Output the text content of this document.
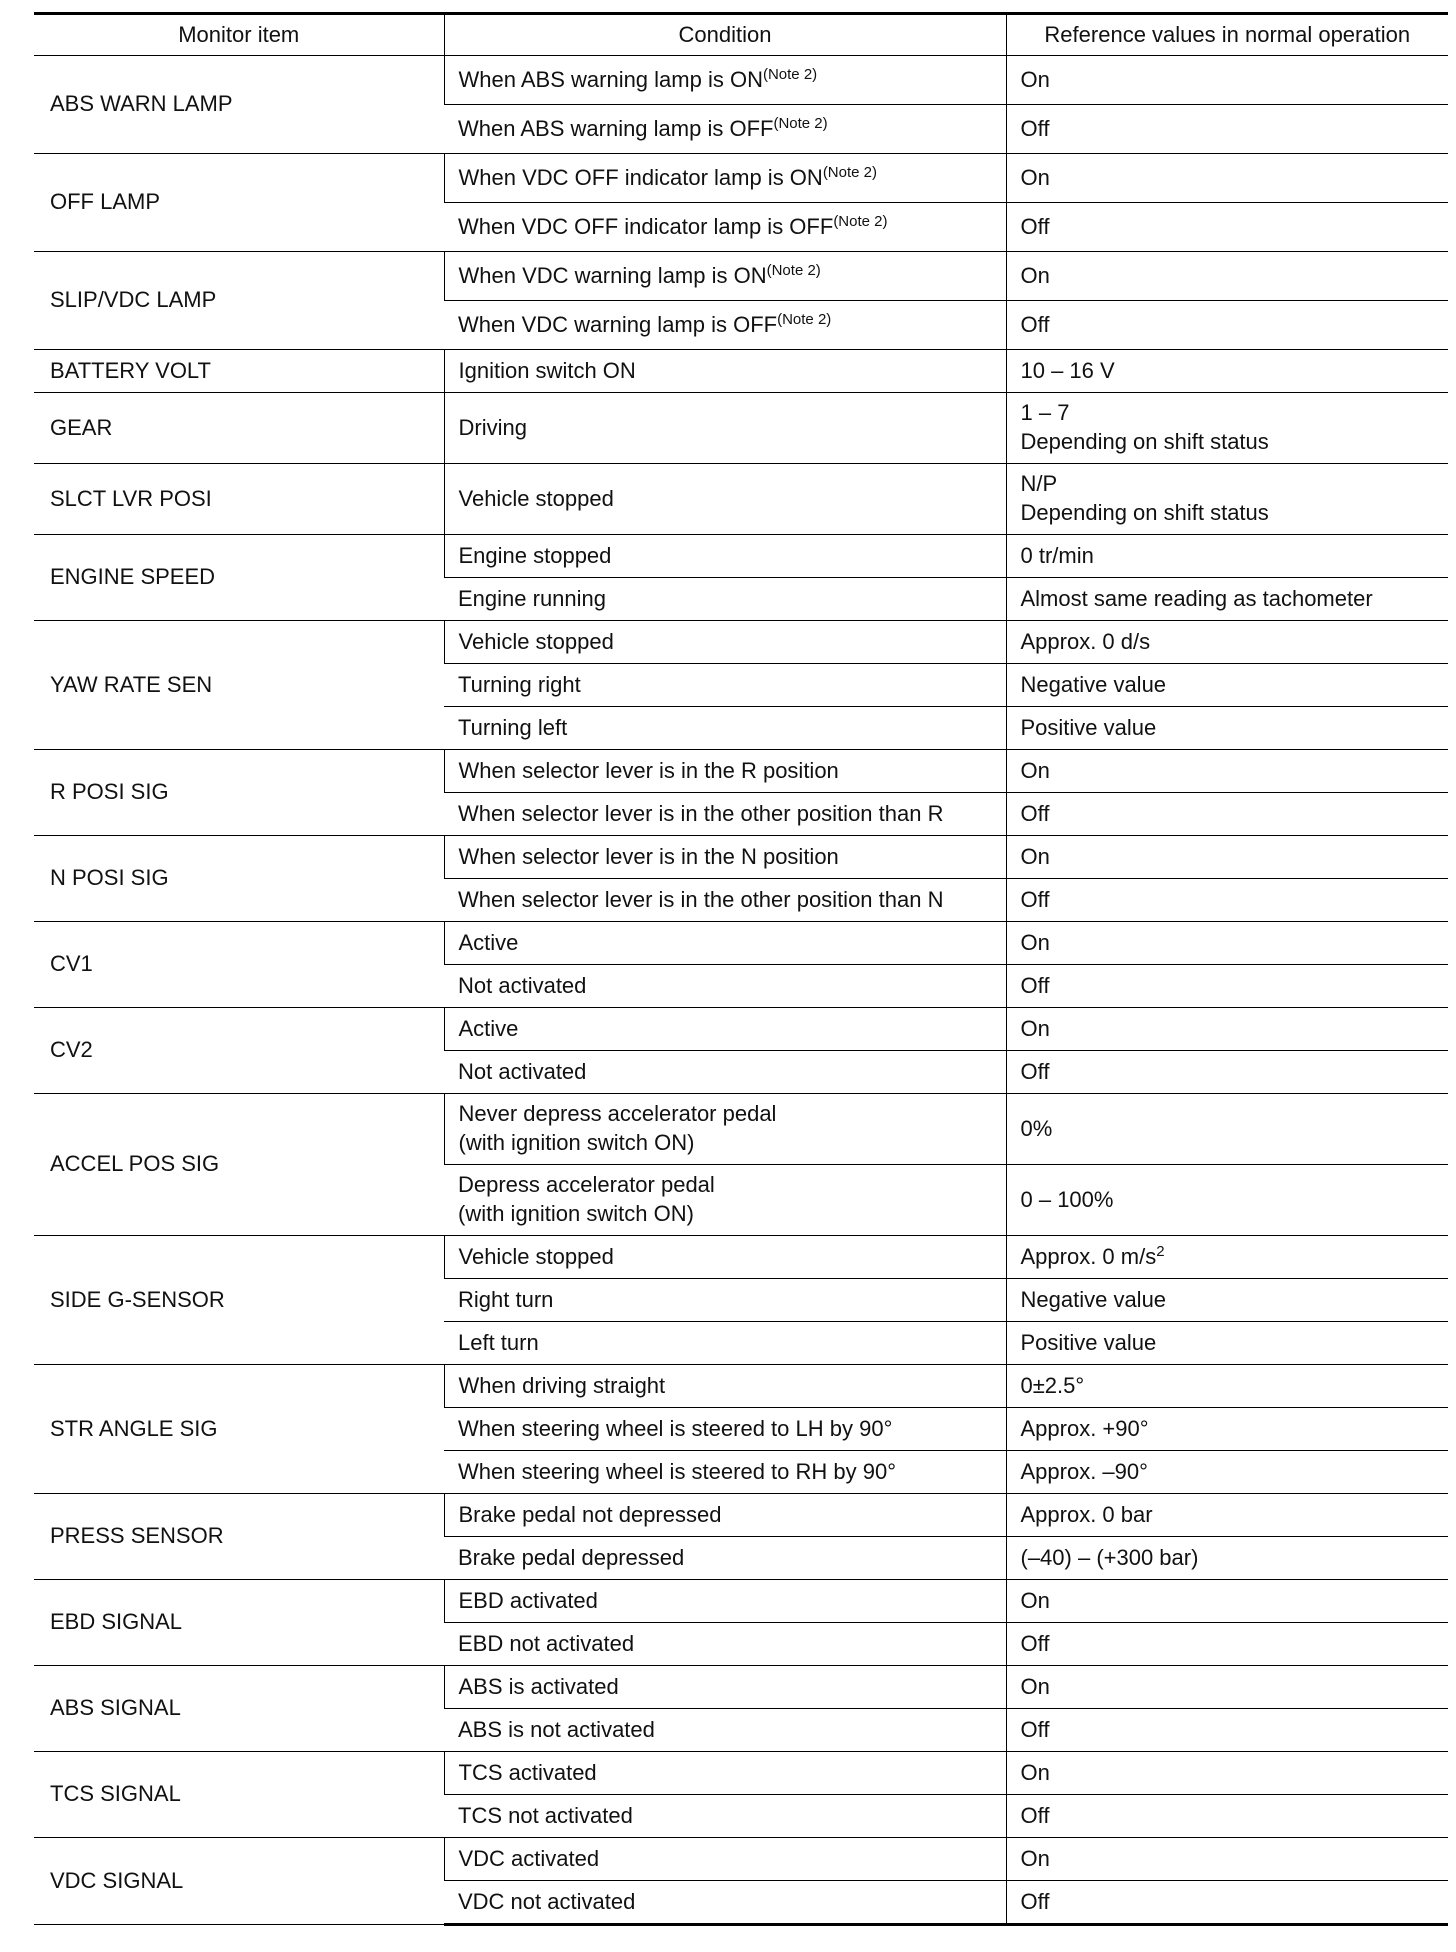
Monitor item	Condition	Reference values in normal operation
ABS WARN LAMP	When ABS warning lamp is $ON^{(Note 2)}$	On
	When ABS warning lamp is $OFF^{(Note 2)}$	Off
OFF LAMP	When VDC OFF indicator lamp is $ON^{(Note 2)}$	On
	When VDC OFF indicator lamp is $OFF^{(Note 2)}$	Off
SLIP/VDC LAMP	When VDC warning lamp is $ON^{(Note 2)}$	On
	When VDC warning lamp is $OFF^{(Note 2)}$	Off
BATTERY VOLT	Ignition switch ON	10 – 16 V
GEAR	Driving	1 – 7
Depending on shift status
SLCT LVR POSI	Vehicle stopped	N/P
Depending on shift status
ENGINE SPEED	Engine stopped	0 tr/min
	Engine running	Almost same reading as tachometer
YAW RATE SEN	Vehicle stopped	Approx. 0 d/s
	Turning right	Negative value
	Turning left	Positive value
R POSI SIG	When selector lever is in the R position	On
	When selector lever is in the other position than R	Off
N POSI SIG	When selector lever is in the N position	On
	When selector lever is in the other position than N	Off
CV1	Active	On
	Not activated	Off
CV2	Active	On
	Not activated	Off
ACCEL POS SIG	Never depress accelerator pedal
(with ignition switch ON)	0%
	Depress accelerator pedal
(with ignition switch ON)	0 – 100%
SIDE G-SENSOR	Vehicle stopped	Approx. 0 $m/s^2$
	Right turn	Negative value
	Left turn	Positive value
STR ANGLE SIG	When driving straight	0±2.5°
	When steering wheel is steered to LH by 90°	Approx. +90°
	When steering wheel is steered to RH by 90°	Approx. –90°
PRESS SENSOR	Brake pedal not depressed	Approx. 0 bar
	Brake pedal depressed	(–40) – (+300 bar)
EBD SIGNAL	EBD activated	On
	EBD not activated	Off
ABS SIGNAL	ABS is activated	On
	ABS is not activated	Off
TCS SIGNAL	TCS activated	On
	TCS not activated	Off
VDC SIGNAL	VDC activated	On
	VDC not activated	Off
